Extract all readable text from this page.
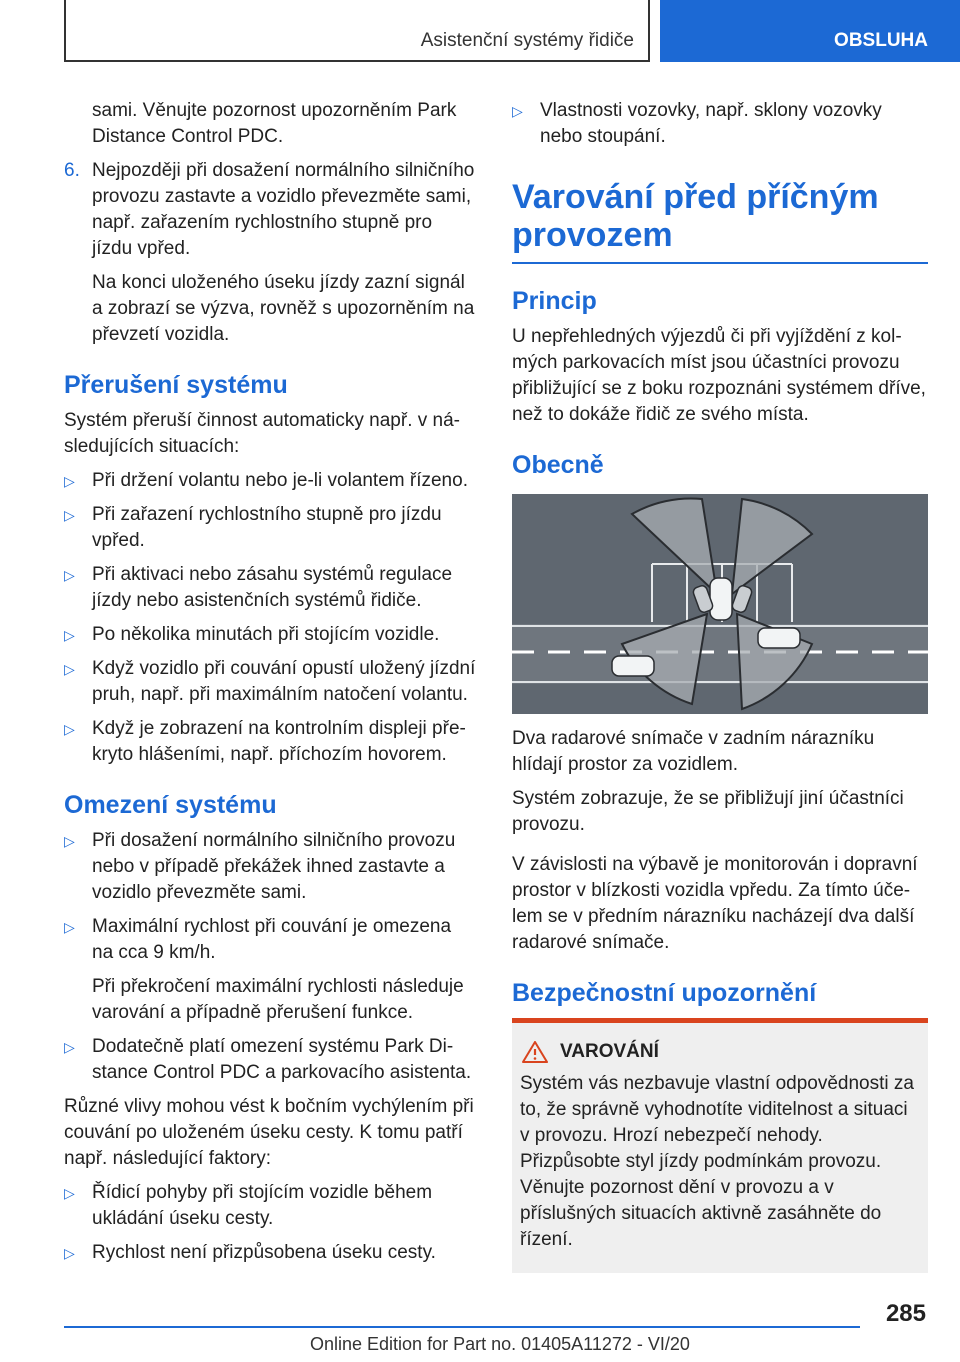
Asistenční systémy řidiče	OBSLUHA

sami. Věnujte pozornost upozorněním Park Distance Control PDC.

6. Nejpozději při dosažení normálního silničního provozu zastavte a vozidlo převezměte sami, např. zařazením rychlostního stupně pro jízdu vpřed.

Na konci uloženého úseku jízdy zazní signál a zobrazí se výzva, rovněž s upozorněním na převzetí vozidla.

Přerušení systému

Systém přeruší činnost automaticky např. v následujících situacích:

▷ Při držení volantu nebo je-li volantem řízeno.
▷ Při zařazení rychlostního stupně pro jízdu vpřed.
▷ Při aktivaci nebo zásahu systémů regulace jízdy nebo asistenčních systémů řidiče.
▷ Po několika minutách při stojícím vozidle.
▷ Když vozidlo při couvání opustí uložený jízdní pruh, např. při maximálním natočení volantu.
▷ Když je zobrazení na kontrolním displeji překryto hlášeními, např. příchozím hovorem.
Omezení systému
▷ Při dosažení normálního silničního provozu nebo v případě překážek ihned zastavte a vozidlo převezměte sami.
▷ Maximální rychlost při couvání je omezena na cca 9 km/h.

Při překročení maximální rychlosti následuje varování a případně přerušení funkce.

▷ Dodatečně platí omezení systému Park Distance Control PDC a parkovacího asistenta.

Různé vlivy mohou vést k bočním vychýlením při couvání po uloženém úseku cesty. K tomu patří např. následující faktory:

▷ Řídicí pohyby při stojícím vozidle během ukládání úseku cesty.
▷ Rychlost není přizpůsobena úseku cesty.
▷ Vlastnosti vozovky, např. sklony vozovky nebo stoupání.
Varování před příčným provozem
Princip

U nepřehledných výjezdů či při vyjíždění z kolmých parkovacích míst jsou účastníci provozu přibližující se z boku rozpoznáni systémem dříve, než to dokáže řidič ze svého místa.

Obecně

Dva radarové snímače v zadním nárazníku hlídají prostor za vozidlem.

Systém zobrazuje, že se přibližují jiní účastníci provozu.

V závislosti na výbavě je monitorován i dopravní prostor v blízkosti vozidla vpředu. Za tímto účelem se v předním nárazníku nacházejí dva další radarové snímače.

Bezpečnostní upozornění
VAROVÁNÍ
Systém vás nezbavuje vlastní odpovědnosti za to, že správně vyhodnotíte viditelnost a situaci v provozu. Hrozí nebezpečí nehody. Přizpůsobte styl jízdy podmínkám provozu. Věnujte pozornost dění v provozu a v příslušných situacích aktivně zasáhněte do řízení.
285
Online Edition for Part no. 01405A11272 - VI/20
